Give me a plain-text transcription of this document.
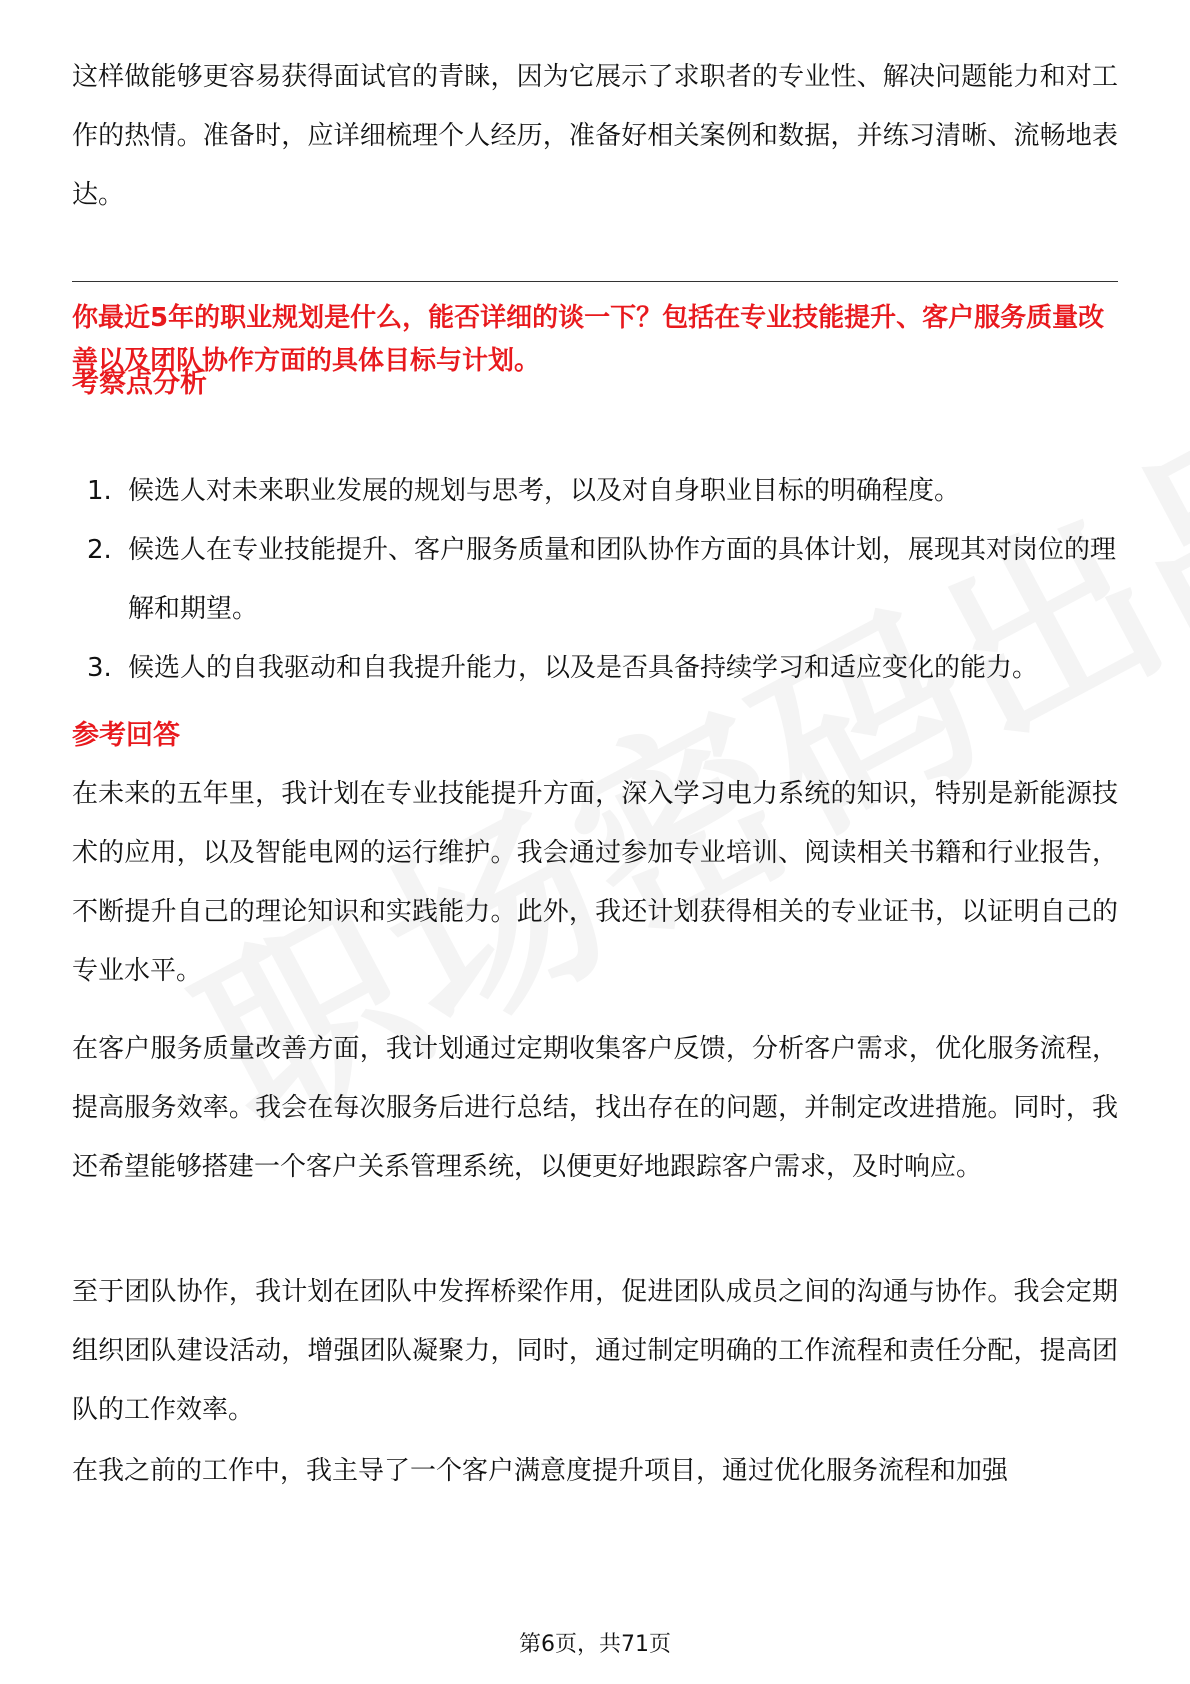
这样做能够更容易获得面试官的青睐，因为它展示了求职者的专业性、解决问题能力和对工作的热情。准备时，应详细梳理个人经历，准备好相关案例和数据，并练习清晰、流畅地表达。

你最近5年的职业规划是什么，能否详细的谈一下？包括在专业技能提升、客户服务质量改善以及团队协作方面的具体目标与计划。

考察点分析
1. 候选人对未来职业发展的规划与思考，以及对自身职业目标的明确程度。
2. 候选人在专业技能提升、客户服务质量和团队协作方面的具体计划，展现其对岗位的理解和期望。
3. 候选人的自我驱动和自我提升能力，以及是否具备持续学习和适应变化的能力。
参考回答

在未来的五年里，我计划在专业技能提升方面，深入学习电力系统的知识，特别是新能源技术的应用，以及智能电网的运行维护。我会通过参加专业培训、阅读相关书籍和行业报告，不断提升自己的理论知识和实践能力。此外，我还计划获得相关的专业证书，以证明自己的专业水平。

在客户服务质量改善方面，我计划通过定期收集客户反馈，分析客户需求，优化服务流程，提高服务效率。我会在每次服务后进行总结，找出存在的问题，并制定改进措施。同时，我还希望能够搭建一个客户关系管理系统，以便更好地跟踪客户需求，及时响应。

至于团队协作，我计划在团队中发挥桥梁作用，促进团队成员之间的沟通与协作。我会定期组织团队建设活动，增强团队凝聚力，同时，通过制定明确的工作流程和责任分配，提高团队的工作效率。

在我之前的工作中，我主导了一个客户满意度提升项目，通过优化服务流程和加强

第6页，共71页
